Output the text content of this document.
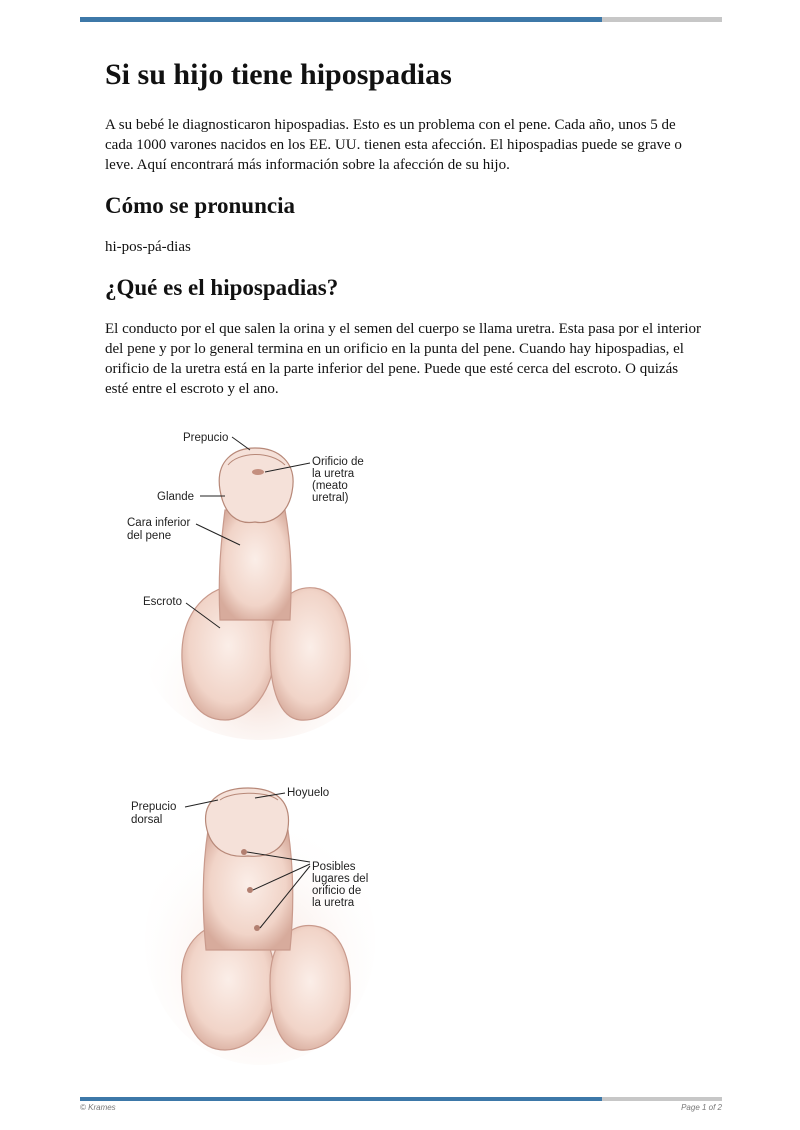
Si su hijo tiene hipospadias

A su bebé le diagnosticaron hipospadias. Esto es un problema con el pene. Cada año, unos 5 de cada 1000 varones nacidos en los EE. UU. tienen esta afección. El hipospadias puede se grave o leve. Aquí encontrará más información sobre la afección de su hijo.

Cómo se pronuncia

hi-pos-pá-dias

¿Qué es el hipospadias?

El conducto por el que salen la orina y el semen del cuerpo se llama uretra. Esta pasa por el interior del pene y por lo general termina en un orificio en la punta del pene. Cuando hay hipospadias, el orificio de la uretra está en la parte inferior del pene. Puede que esté cerca del escroto. O quizás esté entre el escroto y el ano.

Prepucio
Orificio de
la uretra
(meato
uretral)
Glande
Cara inferior
del pene
Escroto
Hoyuelo
Prepucio
dorsal
Posibles
lugares del
orificio de
la uretra
© Krames	Page 1 of 2
